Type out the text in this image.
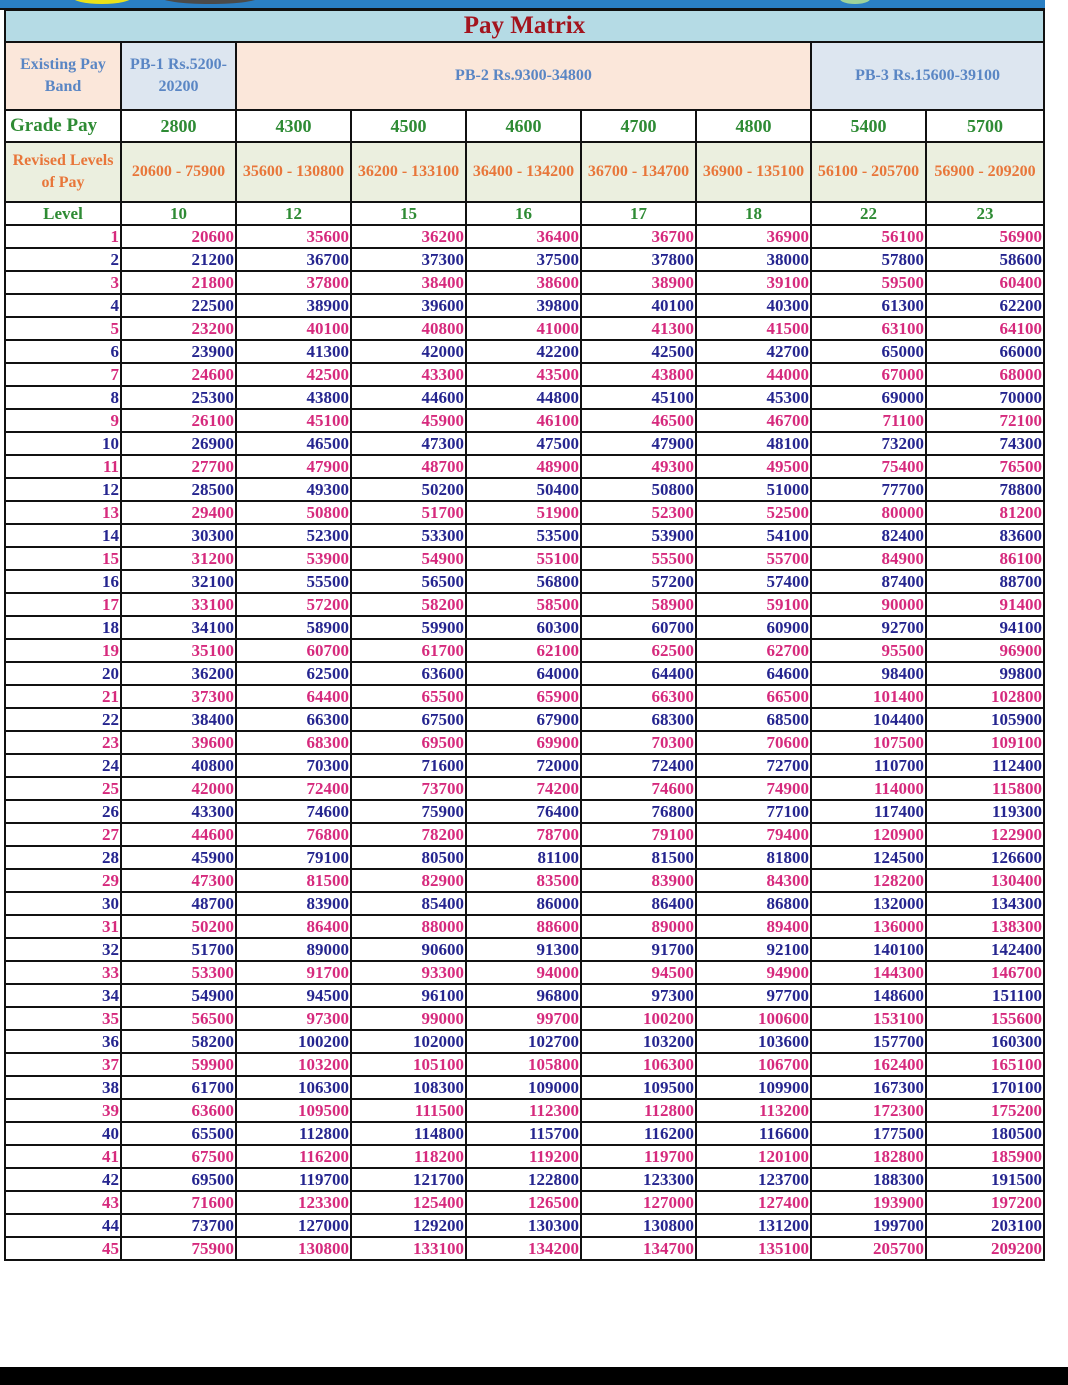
Pay Matrix								
Existing Pay Band	PB-1 Rs.5200-20200	PB-2 Rs.9300-34800					PB-3 Rs.15600-39100	
Grade Pay	2800	4300	4500	4600	4700	4800	5400	5700
Revised Levels of Pay	20600 - 75900	35600 - 130800	36200 - 133100	36400 - 134200	36700 - 134700	36900 - 135100	56100 - 205700	56900 - 209200
Level	10	12	15	16	17	18	22	23
1	20600	35600	36200	36400	36700	36900	56100	56900
2	21200	36700	37300	37500	37800	38000	57800	58600
3	21800	37800	38400	38600	38900	39100	59500	60400
4	22500	38900	39600	39800	40100	40300	61300	62200
5	23200	40100	40800	41000	41300	41500	63100	64100
6	23900	41300	42000	42200	42500	42700	65000	66000
7	24600	42500	43300	43500	43800	44000	67000	68000
8	25300	43800	44600	44800	45100	45300	69000	70000
9	26100	45100	45900	46100	46500	46700	71100	72100
10	26900	46500	47300	47500	47900	48100	73200	74300
11	27700	47900	48700	48900	49300	49500	75400	76500
12	28500	49300	50200	50400	50800	51000	77700	78800
13	29400	50800	51700	51900	52300	52500	80000	81200
14	30300	52300	53300	53500	53900	54100	82400	83600
15	31200	53900	54900	55100	55500	55700	84900	86100
16	32100	55500	56500	56800	57200	57400	87400	88700
17	33100	57200	58200	58500	58900	59100	90000	91400
18	34100	58900	59900	60300	60700	60900	92700	94100
19	35100	60700	61700	62100	62500	62700	95500	96900
20	36200	62500	63600	64000	64400	64600	98400	99800
21	37300	64400	65500	65900	66300	66500	101400	102800
22	38400	66300	67500	67900	68300	68500	104400	105900
23	39600	68300	69500	69900	70300	70600	107500	109100
24	40800	70300	71600	72000	72400	72700	110700	112400
25	42000	72400	73700	74200	74600	74900	114000	115800
26	43300	74600	75900	76400	76800	77100	117400	119300
27	44600	76800	78200	78700	79100	79400	120900	122900
28	45900	79100	80500	81100	81500	81800	124500	126600
29	47300	81500	82900	83500	83900	84300	128200	130400
30	48700	83900	85400	86000	86400	86800	132000	134300
31	50200	86400	88000	88600	89000	89400	136000	138300
32	51700	89000	90600	91300	91700	92100	140100	142400
33	53300	91700	93300	94000	94500	94900	144300	146700
34	54900	94500	96100	96800	97300	97700	148600	151100
35	56500	97300	99000	99700	100200	100600	153100	155600
36	58200	100200	102000	102700	103200	103600	157700	160300
37	59900	103200	105100	105800	106300	106700	162400	165100
38	61700	106300	108300	109000	109500	109900	167300	170100
39	63600	109500	111500	112300	112800	113200	172300	175200
40	65500	112800	114800	115700	116200	116600	177500	180500
41	67500	116200	118200	119200	119700	120100	182800	185900
42	69500	119700	121700	122800	123300	123700	188300	191500
43	71600	123300	125400	126500	127000	127400	193900	197200
44	73700	127000	129200	130300	130800	131200	199700	203100
45	75900	130800	133100	134200	134700	135100	205700	209200
